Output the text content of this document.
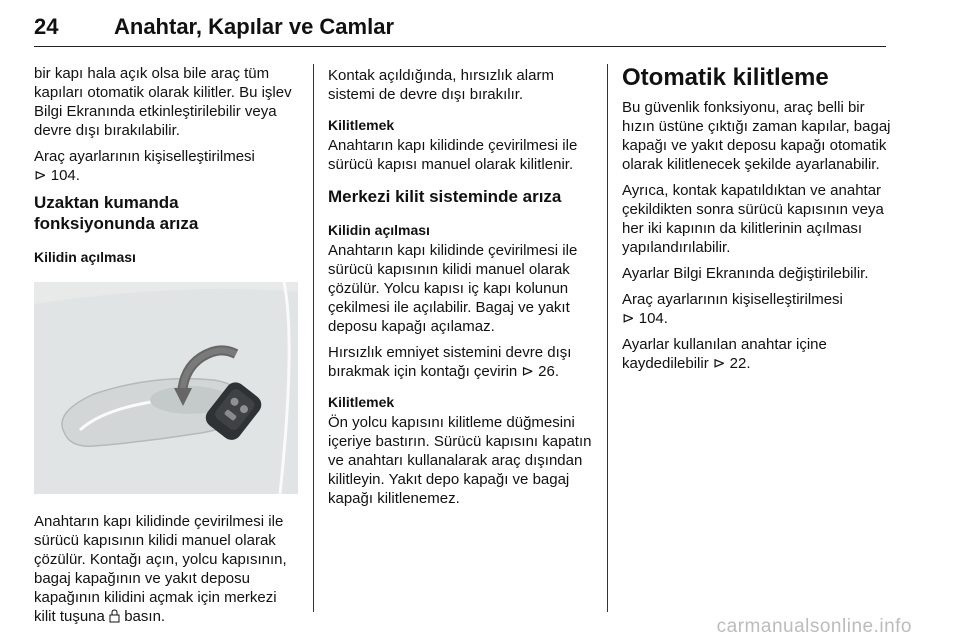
24	Anahtar, Kapılar ve Camlar

bir kapı hala açık olsa bile araç tüm kapıları otomatik olarak kilitler. Bu işlev Bilgi Ekranında etkinleştirilebilir veya devre dışı bırakılabilir.

Araç ayarlarının kişiselleştirilmesi
⊳ 104.

Uzaktan kumanda fonksiyonunda arıza
Kilidin açılması

Anahtarın kapı kilidinde çevirilmesi ile sürücü kapısının kilidi manuel olarak çözülür. Kontağı açın, yolcu kapısının, bagaj kapağının ve yakıt deposu kapağının kilidini açmak için merkezi kilit tuşuna basın.

Kontak açıldığında, hırsızlık alarm sistemi de devre dışı bırakılır.

Kilitlemek

Anahtarın kapı kilidinde çevirilmesi ile sürücü kapısı manuel olarak kilitlenir.

Merkezi kilit sisteminde arıza
Kilidin açılması

Anahtarın kapı kilidinde çevirilmesi ile sürücü kapısının kilidi manuel olarak çözülür. Yolcu kapısı iç kapı kolunun çekilmesi ile açılabilir. Bagaj ve yakıt deposu kapağı açılamaz.

Hırsızlık emniyet sistemini devre dışı bırakmak için kontağı çevirin ⊳ 26.

Kilitlemek

Ön yolcu kapısını kilitleme düğmesini içeriye bastırın. Sürücü kapısını kapatın ve anahtarı kullanalarak araç dışından kilitleyin. Yakıt depo kapağı ve bagaj kapağı kilitlenemez.

Otomatik kilitleme

Bu güvenlik fonksiyonu, araç belli bir hızın üstüne çıktığı zaman kapılar, bagaj kapağı ve yakıt deposu kapağı otomatik olarak kilitlenecek şekilde ayarlanabilir.

Ayrıca, kontak kapatıldıktan ve anahtar çekildikten sonra sürücü kapısının veya her iki kapının da kilitlerinin açılması yapılandırılabilir.

Ayarlar Bilgi Ekranında değiştirilebilir.

Araç ayarlarının kişiselleştirilmesi
⊳ 104.

Ayarlar kullanılan anahtar içine kaydedilebilir ⊳ 22.

carmanualsonline.info
